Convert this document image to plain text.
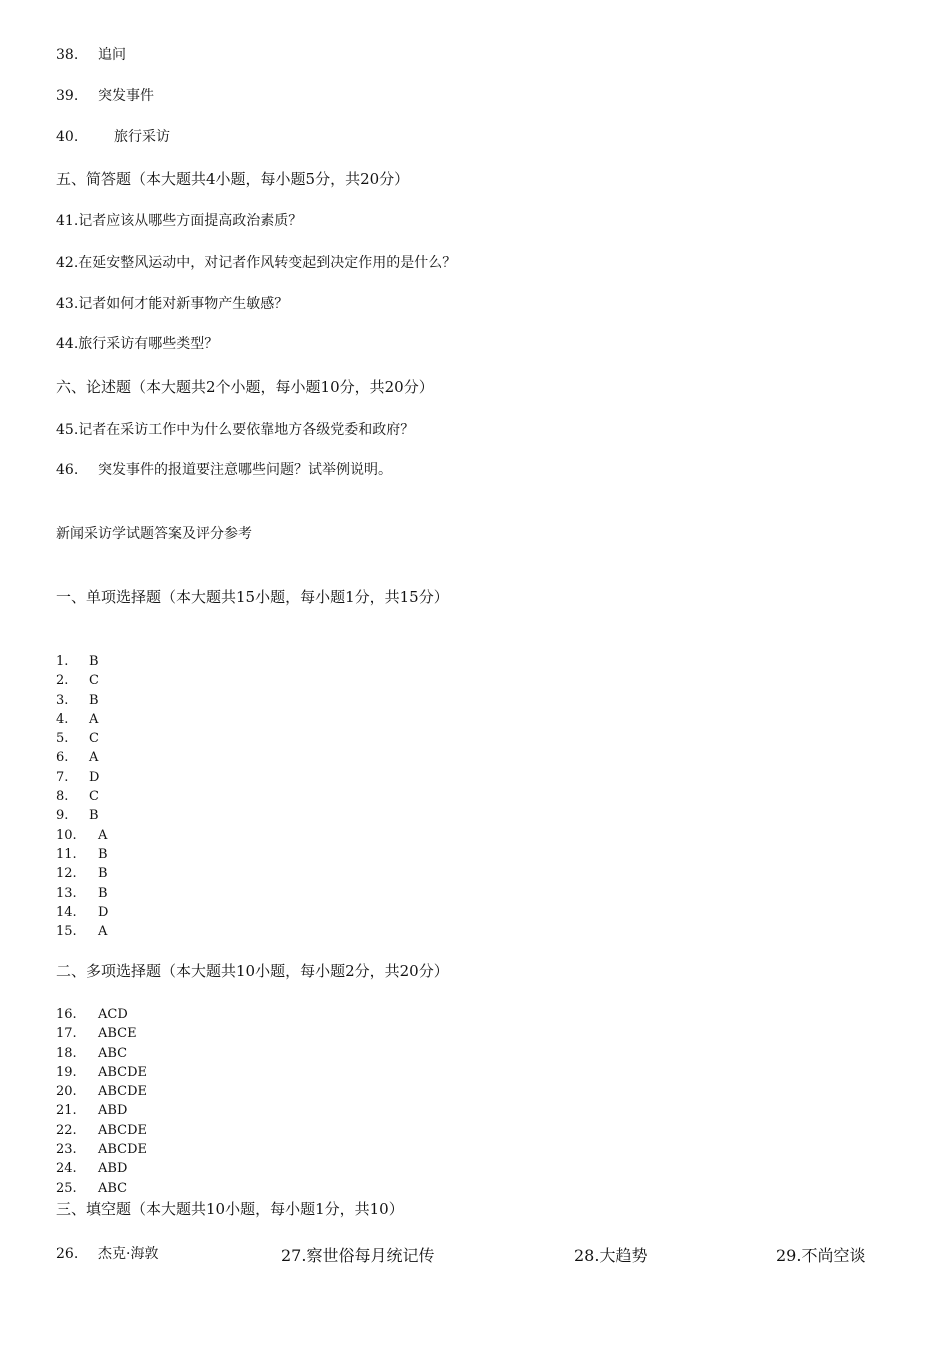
38. 追问
39. 突发事件
40.	旅行采访
五、简答题（本大题共4小题，每小题5分，共20分）
41.记者应该从哪些方面提高政治素质？
42.在延安整风运动中，对记者作风转变起到决定作用的是什么？
43.记者如何才能对新事物产生敏感？
44.旅行采访有哪些类型？
六、论述题（本大题共2个小题，每小题10分，共20分）
45.记者在采访工作中为什么要依靠地方各级党委和政府？
46. 突发事件的报道要注意哪些问题？试举例说明。
新闻采访学试题答案及评分参考
一、单项选择题（本大题共15小题，每小题1分，共15分）
1. B
2. C
3. B
4. A
5. C
6. A
7. D
8. C
9. B
10. A
11. B
12. B
13. B
14. D
15. A
二、多项选择题（本大题共10小题，每小题2分，共20分）
16. ACD
17. ABCE
18. ABC
19. ABCDE
20. ABCDE
21. ABD
22. ABCDE
23. ABCDE
24. ABD
25. ABC
三、填空题（本大题共10小题，每小题1分，共10）
26. 杰克·海敦	27.察世俗每月统记传	28.大趋势	29.不尚空谈
